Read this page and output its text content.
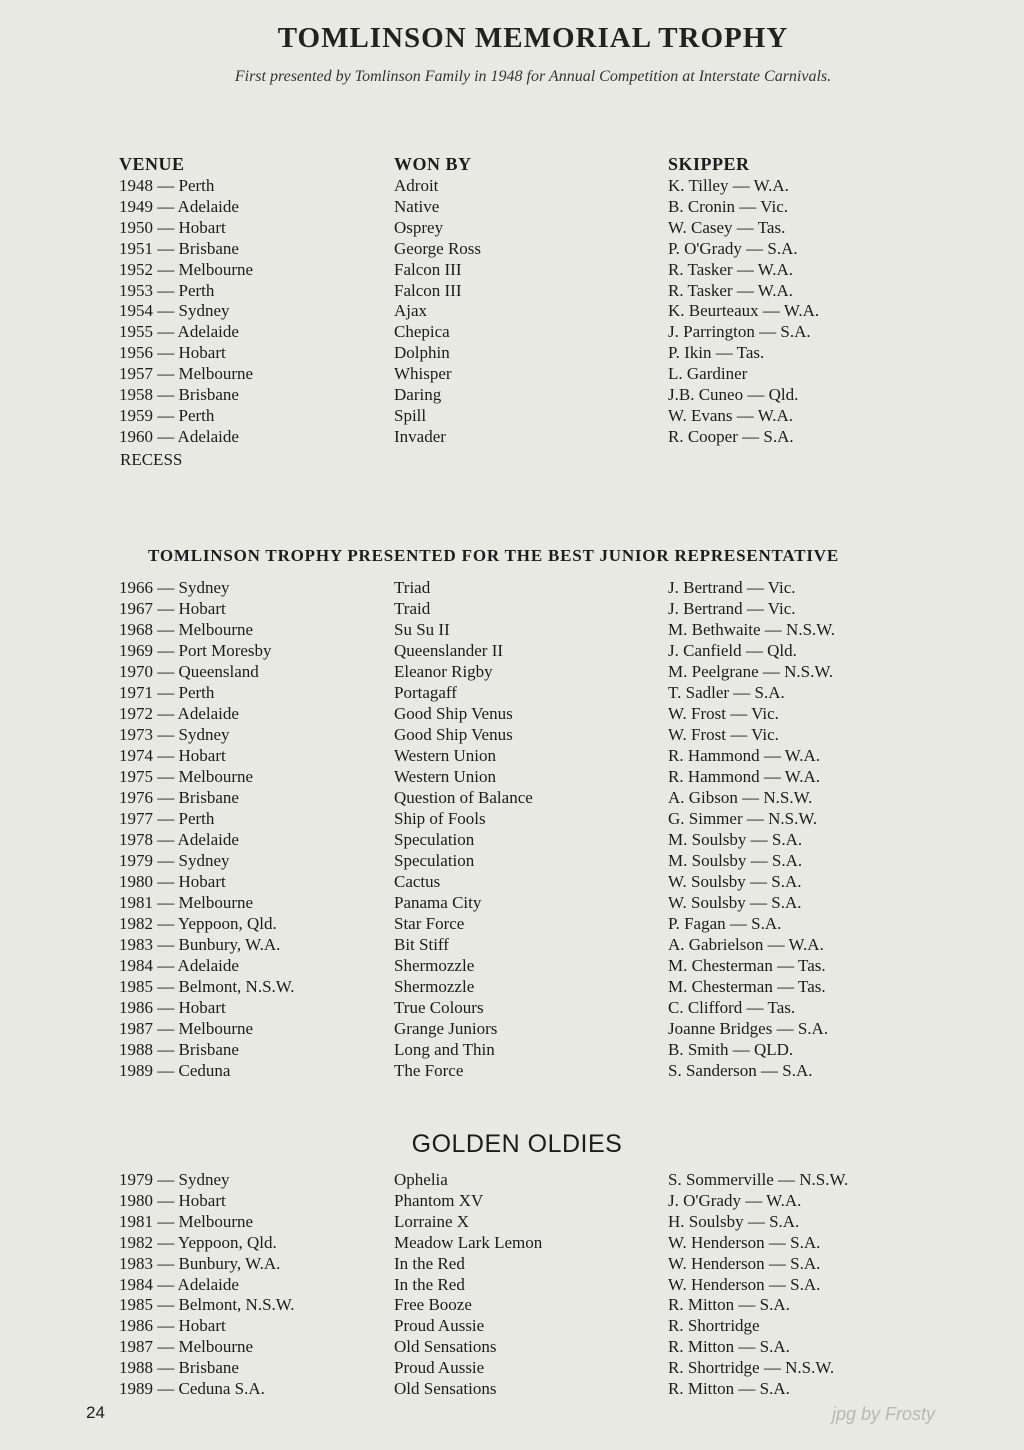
TOMLINSON MEMORIAL TROPHY
First presented by Tomlinson Family in 1948 for Annual Competition at Interstate Carnivals.
VENUE	WON BY	SKIPPER
1948 — Perth	Adroit	K. Tilley — W.A.
1949 — Adelaide	Native	B. Cronin — Vic.
1950 — Hobart	Osprey	W. Casey — Tas.
1951 — Brisbane	George Ross	P. O'Grady — S.A.
1952 — Melbourne	Falcon III	R. Tasker — W.A.
1953 — Perth	Falcon III	R. Tasker — W.A.
1954 — Sydney	Ajax	K. Beurteaux — W.A.
1955 — Adelaide	Chepica	J. Parrington — S.A.
1956 — Hobart	Dolphin	P. Ikin — Tas.
1957 — Melbourne	Whisper	L. Gardiner
1958 — Brisbane	Daring	J.B. Cuneo — Qld.
1959 — Perth	Spill	W. Evans — W.A.
1960 — Adelaide	Invader	R. Cooper — S.A.
RECESS
TOMLINSON TROPHY PRESENTED FOR THE BEST JUNIOR REPRESENTATIVE
1966 — Sydney	Triad	J. Bertrand — Vic.
1967 — Hobart	Traid	J. Bertrand — Vic.
1968 — Melbourne	Su Su II	M. Bethwaite — N.S.W.
1969 — Port Moresby	Queenslander II	J. Canfield — Qld.
1970 — Queensland	Eleanor Rigby	M. Peelgrane — N.S.W.
1971 — Perth	Portagaff	T. Sadler — S.A.
1972 — Adelaide	Good Ship Venus	W. Frost — Vic.
1973 — Sydney	Good Ship Venus	W. Frost — Vic.
1974 — Hobart	Western Union	R. Hammond — W.A.
1975 — Melbourne	Western Union	R. Hammond — W.A.
1976 — Brisbane	Question of Balance	A. Gibson — N.S.W.
1977 — Perth	Ship of Fools	G. Simmer — N.S.W.
1978 — Adelaide	Speculation	M. Soulsby — S.A.
1979 — Sydney	Speculation	M. Soulsby — S.A.
1980 — Hobart	Cactus	W. Soulsby — S.A.
1981 — Melbourne	Panama City	W. Soulsby — S.A.
1982 — Yeppoon, Qld.	Star Force	P. Fagan — S.A.
1983 — Bunbury, W.A.	Bit Stiff	A. Gabrielson — W.A.
1984 — Adelaide	Shermozzle	M. Chesterman — Tas.
1985 — Belmont, N.S.W.	Shermozzle	M. Chesterman — Tas.
1986 — Hobart	True Colours	C. Clifford — Tas.
1987 — Melbourne	Grange Juniors	Joanne Bridges — S.A.
1988 — Brisbane	Long and Thin	B. Smith — QLD.
1989 — Ceduna	The Force	S. Sanderson — S.A.
GOLDEN OLDIES
1979 — Sydney	Ophelia	S. Sommerville — N.S.W.
1980 — Hobart	Phantom XV	J. O'Grady — W.A.
1981 — Melbourne	Lorraine X	H. Soulsby — S.A.
1982 — Yeppoon, Qld.	Meadow Lark Lemon	W. Henderson — S.A.
1983 — Bunbury, W.A.	In the Red	W. Henderson — S.A.
1984 — Adelaide	In the Red	W. Henderson — S.A.
1985 — Belmont, N.S.W.	Free Booze	R. Mitton — S.A.
1986 — Hobart	Proud Aussie	R. Shortridge
1987 — Melbourne	Old Sensations	R. Mitton — S.A.
1988 — Brisbane	Proud Aussie	R. Shortridge — N.S.W.
1989 — Ceduna S.A.	Old Sensations	R. Mitton — S.A.
24	jpg by Frosty
